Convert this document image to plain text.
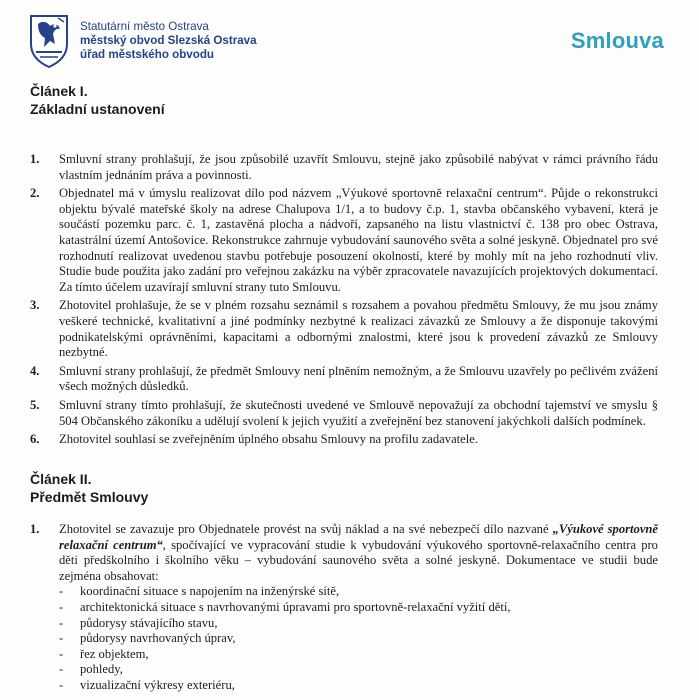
Statutární město Ostrava
městský obvod Slezská Ostrava
úřad městského obvodu
Smlouva
Článek I.
Základní ustanovení
1. Smluvní strany prohlašují, že jsou způsobilé uzavřít Smlouvu, stejně jako způsobilé nabývat v rámci právního řádu vlastním jednáním práva a povinnosti.
2. Objednatel má v úmyslu realizovat dílo pod názvem „Výukové sportovně relaxační centrum“. Půjde o rekonstrukci objektu bývalé mateřské školy na adrese Chalupova 1/1, a to budovy č.p. 1, stavba občanského vybavení, která je součástí pozemku parc. č. 1, zastavěná plocha a nádvoří, zapsaného na listu vlastnictví č. 138 pro obec Ostrava, katastrální území Antošovice. Rekonstrukce zahrnuje vybudování saunového světa a solné jeskyně. Objednatel pro své rozhodnutí realizovat uvedenou stavbu potřebuje posouzení okolností, které by mohly mít na jeho rozhodnutí vliv. Studie bude použita jako zadání pro veřejnou zakázku na výběr zpracovatele navazujících projektových dokumentací. Za tímto účelem uzavírají smluvní strany tuto Smlouvu.
3. Zhotovitel prohlašuje, že se v plném rozsahu seznámil s rozsahem a povahou předmětu Smlouvy, že mu jsou známy veškeré technické, kvalitativní a jiné podmínky nezbytné k realizaci závazků ze Smlouvy a že disponuje takovými podnikatelskými oprávněními, kapacitami a odbornými znalostmi, které jsou k provedení závazků ze Smlouvy nezbytné.
4. Smluvní strany prohlašují, že předmět Smlouvy není plněním nemožným, a že Smlouvu uzavřely po pečlivém zvážení všech možných důsledků.
5. Smluvní strany tímto prohlašují, že skutečnosti uvedené ve Smlouvě nepovažují za obchodní tajemství ve smyslu § 504 Občanského zákoníku a udělují svolení k jejich využití a zveřejnění bez stanovení jakýchkoli dalších podmínek.
6. Zhotovitel souhlasí se zveřejněním úplného obsahu Smlouvy na profilu zadavatele.
Článek II.
Předmět Smlouvy
1. Zhotovitel se zavazuje pro Objednatele provést na svůj náklad a na své nebezpečí dílo nazvané „Výukové sportovně relaxační centrum“, spočívající ve vypracování studie k vybudování výukového sportovně-relaxačního centra pro děti předškolního i školního věku – vybudování saunového světa a solné jeskyně. Dokumentace ve studii bude zejména obsahovat:
- koordinační situace s napojením na inženýrské sítě,
- architektonická situace s navrhovanými úpravami pro sportovně-relaxační vyžití dětí,
- půdorysy stávajícího stavu,
- půdorysy navrhovaných úprav,
- řez objektem,
- pohledy,
- vizualizační výkresy exteriéru,
